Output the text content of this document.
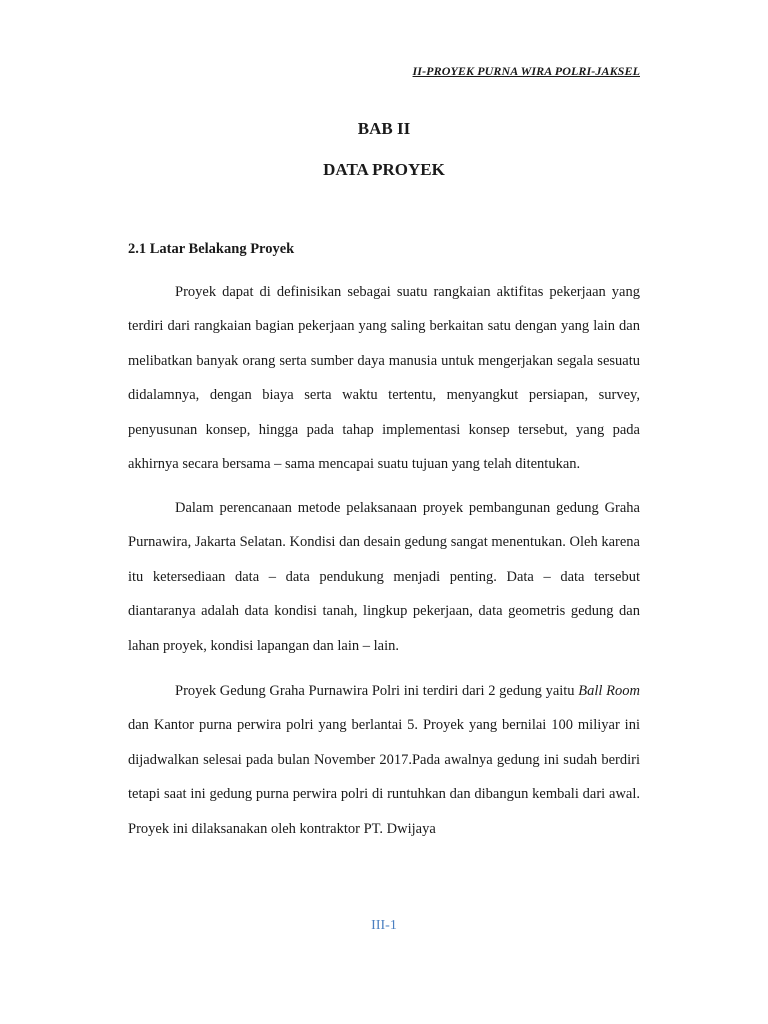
II-PROYEK PURNA WIRA POLRI-JAKSEL
BAB II
DATA PROYEK
2.1 Latar Belakang Proyek

Proyek dapat di definisikan sebagai suatu rangkaian aktifitas pekerjaan yang terdiri dari rangkaian bagian pekerjaan yang saling berkaitan satu dengan yang lain dan melibatkan banyak orang serta sumber daya manusia untuk mengerjakan segala sesuatu didalamnya, dengan biaya serta waktu tertentu, menyangkut persiapan, survey, penyusunan konsep, hingga pada tahap implementasi konsep tersebut, yang pada akhirnya secara bersama – sama mencapai suatu tujuan yang telah ditentukan.

Dalam perencanaan metode pelaksanaan proyek pembangunan gedung Graha Purnawira, Jakarta Selatan. Kondisi dan desain gedung sangat menentukan. Oleh karena itu ketersediaan data – data pendukung menjadi penting. Data – data tersebut diantaranya adalah data kondisi tanah, lingkup pekerjaan, data geometris gedung dan lahan proyek, kondisi lapangan dan lain – lain.

Proyek Gedung Graha Purnawira Polri ini terdiri dari 2 gedung yaitu Ball Room dan Kantor purna perwira polri yang berlantai 5. Proyek yang bernilai 100 miliyar ini dijadwalkan selesai pada bulan November 2017.Pada awalnya gedung ini sudah berdiri tetapi saat ini gedung purna perwira polri di runtuhkan dan dibangun kembali dari awal. Proyek ini dilaksanakan oleh kontraktor PT. Dwijaya

III-1
